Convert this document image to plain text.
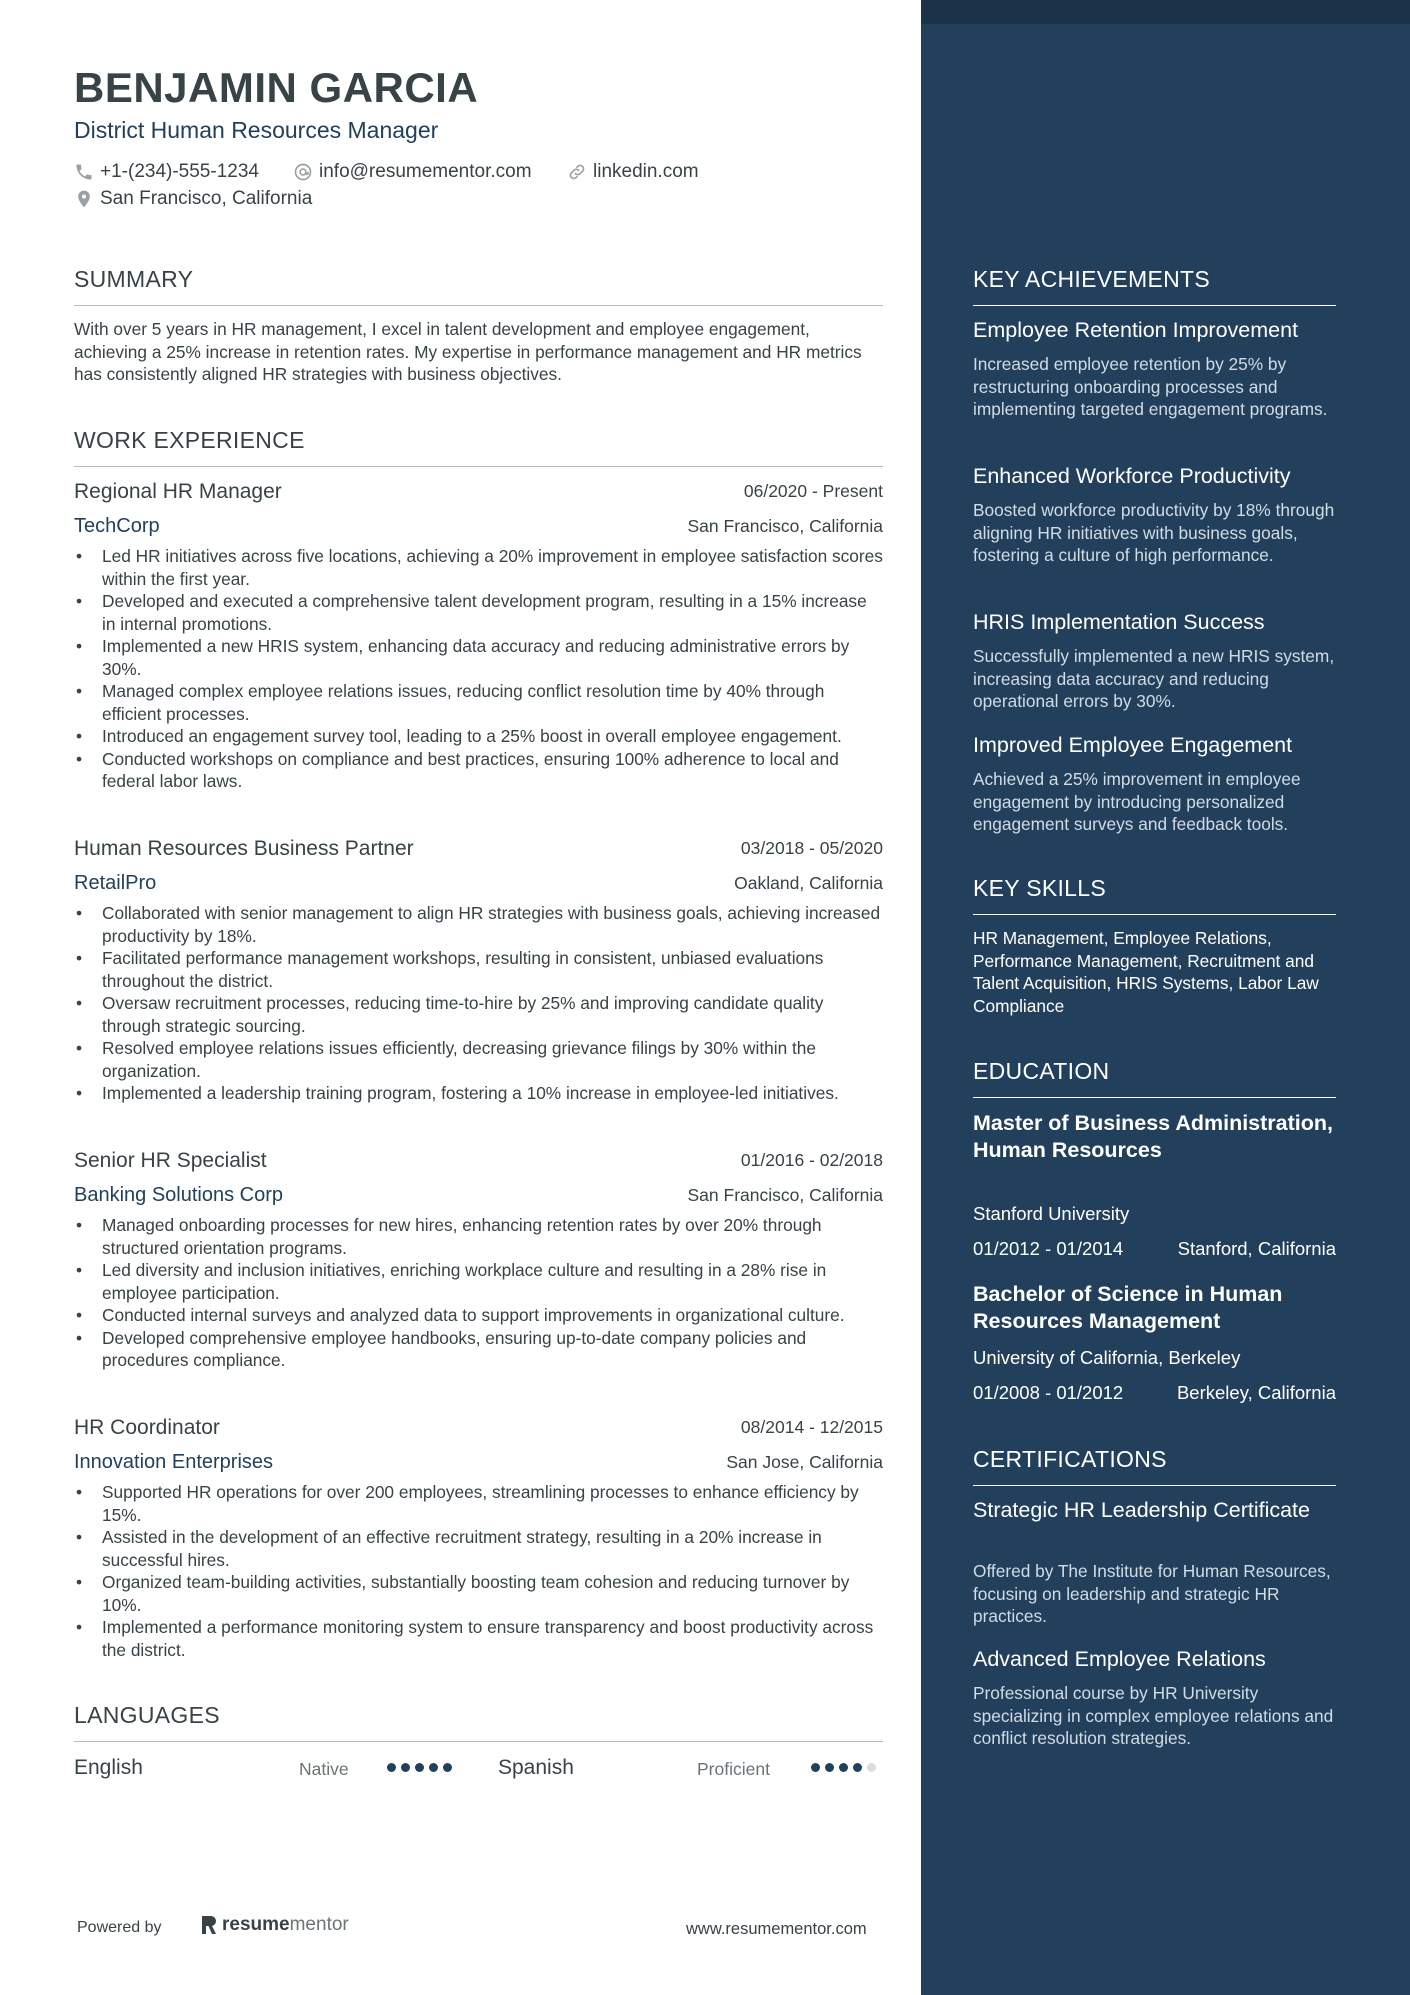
BENJAMIN GARCIA
District Human Resources Manager
+1-(234)-555-1234	info@resumementor.com	linkedin.com
San Francisco, California
SUMMARY
With over 5 years in HR management, I excel in talent development and employee engagement, achieving a 25% increase in retention rates. My expertise in performance management and HR metrics has consistently aligned HR strategies with business objectives.
WORK EXPERIENCE
Regional HR Manager	06/2020 - Present
TechCorp	San Francisco, California
• Led HR initiatives across five locations, achieving a 20% improvement in employee satisfaction scores within the first year.
• Developed and executed a comprehensive talent development program, resulting in a 15% increase in internal promotions.
• Implemented a new HRIS system, enhancing data accuracy and reducing administrative errors by 30%.
• Managed complex employee relations issues, reducing conflict resolution time by 40% through efficient processes.
• Introduced an engagement survey tool, leading to a 25% boost in overall employee engagement.
• Conducted workshops on compliance and best practices, ensuring 100% adherence to local and federal labor laws.
Human Resources Business Partner	03/2018 - 05/2020
RetailPro	Oakland, California
• Collaborated with senior management to align HR strategies with business goals, achieving increased productivity by 18%.
• Facilitated performance management workshops, resulting in consistent, unbiased evaluations throughout the district.
• Oversaw recruitment processes, reducing time-to-hire by 25% and improving candidate quality through strategic sourcing.
• Resolved employee relations issues efficiently, decreasing grievance filings by 30% within the organization.
• Implemented a leadership training program, fostering a 10% increase in employee-led initiatives.
Senior HR Specialist	01/2016 - 02/2018
Banking Solutions Corp	San Francisco, California
• Managed onboarding processes for new hires, enhancing retention rates by over 20% through structured orientation programs.
• Led diversity and inclusion initiatives, enriching workplace culture and resulting in a 28% rise in employee participation.
• Conducted internal surveys and analyzed data to support improvements in organizational culture.
• Developed comprehensive employee handbooks, ensuring up-to-date company policies and procedures compliance.
HR Coordinator	08/2014 - 12/2015
Innovation Enterprises	San Jose, California
• Supported HR operations for over 200 employees, streamlining processes to enhance efficiency by 15%.
• Assisted in the development of an effective recruitment strategy, resulting in a 20% increase in successful hires.
• Organized team-building activities, substantially boosting team cohesion and reducing turnover by 10%.
• Implemented a performance monitoring system to ensure transparency and boost productivity across the district.
LANGUAGES
English	Native	Spanish	Proficient
Powered by	resume mentor	www.resumementor.com
KEY ACHIEVEMENTS
Employee Retention Improvement
Increased employee retention by 25% by restructuring onboarding processes and implementing targeted engagement programs.
Enhanced Workforce Productivity
Boosted workforce productivity by 18% through aligning HR initiatives with business goals, fostering a culture of high performance.
HRIS Implementation Success
Successfully implemented a new HRIS system, increasing data accuracy and reducing operational errors by 30%.
Improved Employee Engagement
Achieved a 25% improvement in employee engagement by introducing personalized engagement surveys and feedback tools.
KEY SKILLS
HR Management, Employee Relations, Performance Management, Recruitment and Talent Acquisition, HRIS Systems, Labor Law Compliance
EDUCATION
Master of Business Administration, Human Resources
Stanford University
01/2012 - 01/2014	Stanford, California
Bachelor of Science in Human Resources Management
University of California, Berkeley
01/2008 - 01/2012	Berkeley, California
CERTIFICATIONS
Strategic HR Leadership Certificate
Offered by The Institute for Human Resources, focusing on leadership and strategic HR practices.
Advanced Employee Relations
Professional course by HR University specializing in complex employee relations and conflict resolution strategies.
